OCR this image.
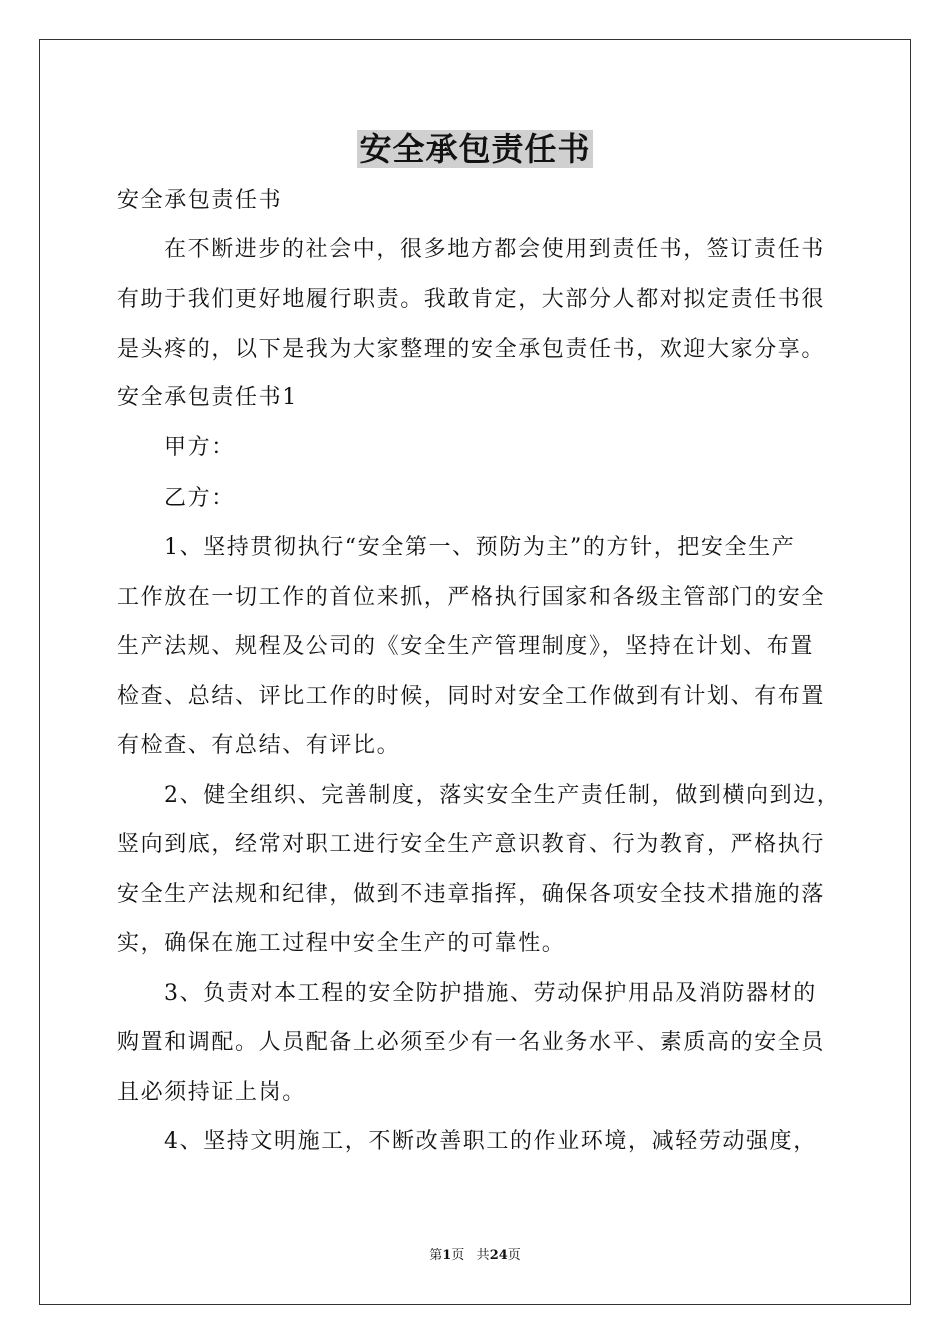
安全承包责任书
安全承包责任书
在不断进步的社会中，很多地方都会使用到责任书，签订责任书
有助于我们更好地履行职责。我敢肯定，大部分人都对拟定责任书很
是头疼的，以下是我为大家整理的安全承包责任书，欢迎大家分享。
安全承包责任书1
甲方：
乙方：
1、坚持贯彻执行“安全第一、预防为主”的方针，把安全生产
工作放在一切工作的首位来抓，严格执行国家和各级主管部门的安全
生产法规、规程及公司的《安全生产管理制度》，坚持在计划、布置
检查、总结、评比工作的时候，同时对安全工作做到有计划、有布置
有检查、有总结、有评比。
2、健全组织、完善制度，落实安全生产责任制，做到横向到边，
竖向到底，经常对职工进行安全生产意识教育、行为教育，严格执行
安全生产法规和纪律，做到不违章指挥，确保各项安全技术措施的落
实，确保在施工过程中安全生产的可靠性。
3、负责对本工程的安全防护措施、劳动保护用品及消防器材的
购置和调配。人员配备上必须至少有一名业务水平、素质高的安全员
且必须持证上岗。
4、坚持文明施工，不断改善职工的作业环境，减轻劳动强度，
第1页 共24页
